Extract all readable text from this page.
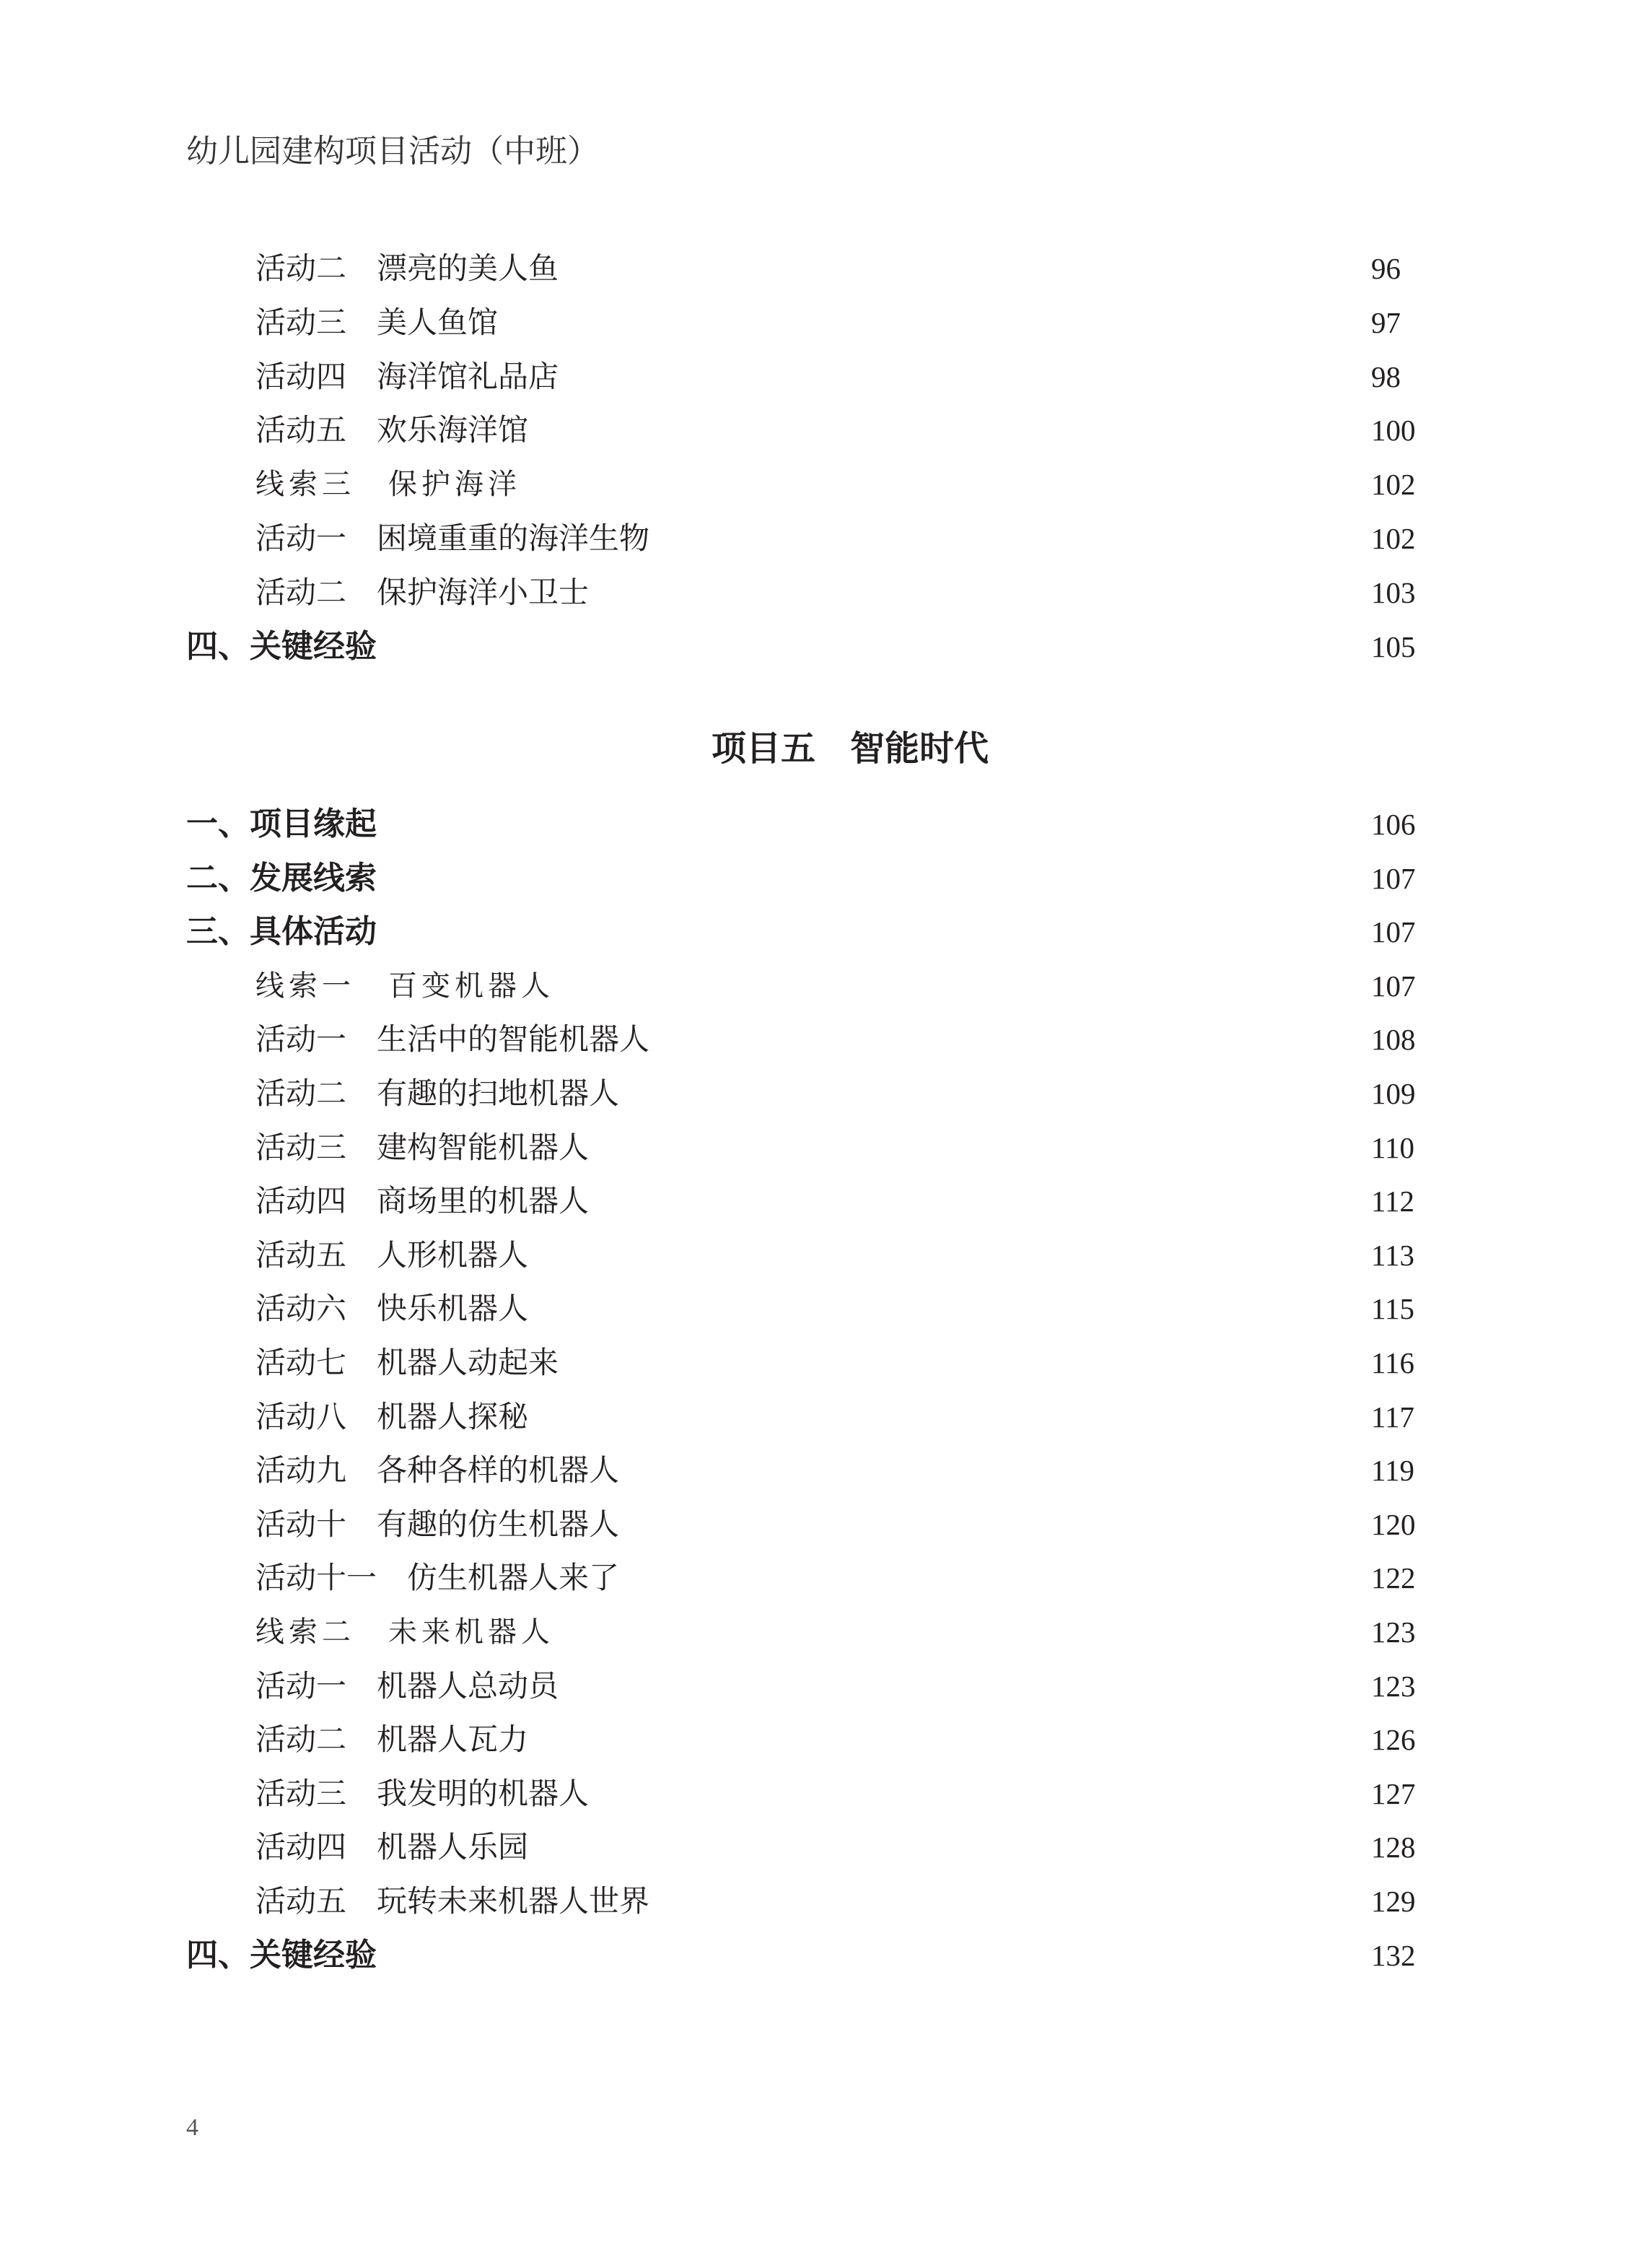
幼儿园建构项目活动（中班）
活动二　漂亮的美人鱼	96
活动三　美人鱼馆	97
活动四　海洋馆礼品店	98
活动五　欢乐海洋馆	100
线索三　保护海洋	102
活动一　困境重重的海洋生物	102
活动二　保护海洋小卫士	103
四、关键经验	105
一、项目缘起	106
二、发展线索	107
三、具体活动	107
线索一　百变机器人	107
活动一　生活中的智能机器人	108
活动二　有趣的扫地机器人	109
活动三　建构智能机器人	110
活动四　商场里的机器人	112
活动五　人形机器人	113
活动六　快乐机器人	115
活动七　机器人动起来	116
活动八　机器人探秘	117
活动九　各种各样的机器人	119
活动十　有趣的仿生机器人	120
活动十一　仿生机器人来了	122
线索二　未来机器人	123
活动一　机器人总动员	123
活动二　机器人瓦力	126
活动三　我发明的机器人	127
活动四　机器人乐园	128
活动五　玩转未来机器人世界	129
四、关键经验	132
项目五　智能时代
4
